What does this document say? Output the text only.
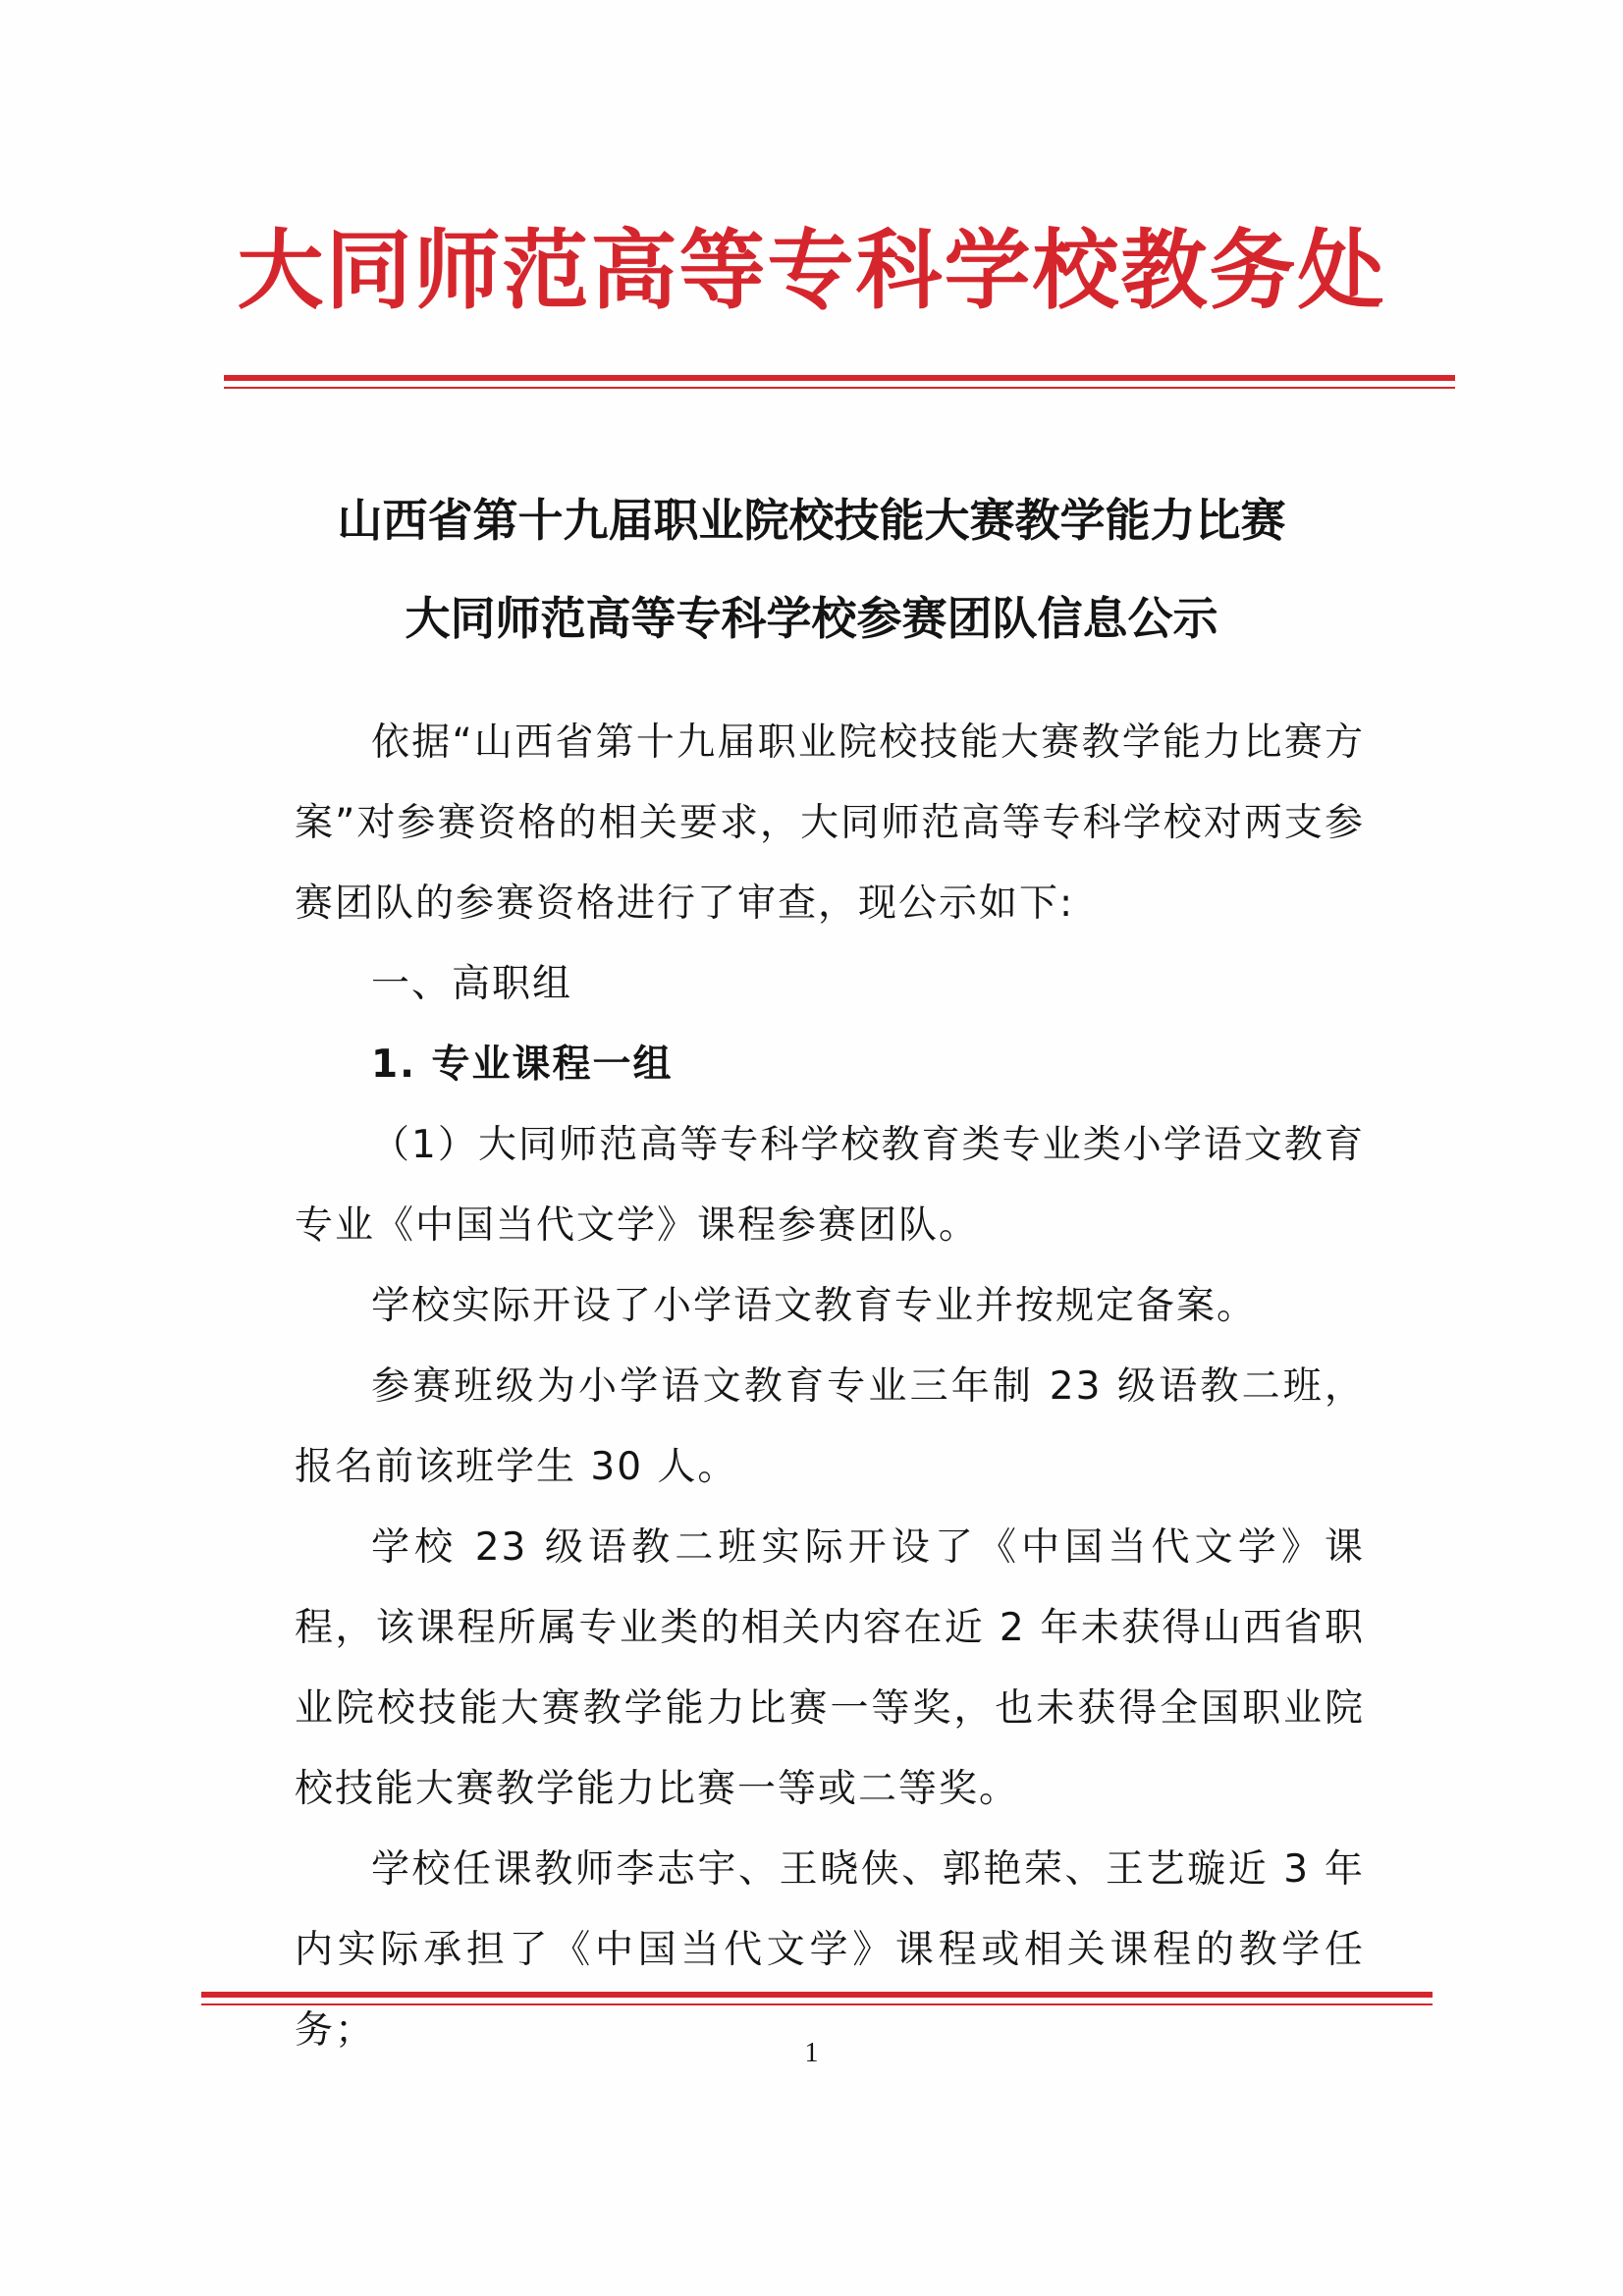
大同师范高等专科学校教务处
山西省第十九届职业院校技能大赛教学能力比赛
大同师范高等专科学校参赛团队信息公示

依据“山西省第十九届职业院校技能大赛教学能力比赛方案”对参赛资格的相关要求，大同师范高等专科学校对两支参赛团队的参赛资格进行了审查，现公示如下:

一、高职组

1. 专业课程一组

（1）大同师范高等专科学校教育类专业类小学语文教育专业《中国当代文学》课程参赛团队。

学校实际开设了小学语文教育专业并按规定备案。

参赛班级为小学语文教育专业三年制 23 级语教二班，报名前该班学生 30 人。

学校 23 级语教二班实际开设了《中国当代文学》课程，该课程所属专业类的相关内容在近 2 年未获得山西省职业院校技能大赛教学能力比赛一等奖，也未获得全国职业院校技能大赛教学能力比赛一等或二等奖。

学校任课教师李志宇、王晓侠、郭艳荣、王艺璇近 3 年内实际承担了《中国当代文学》课程或相关课程的教学任务；

1
